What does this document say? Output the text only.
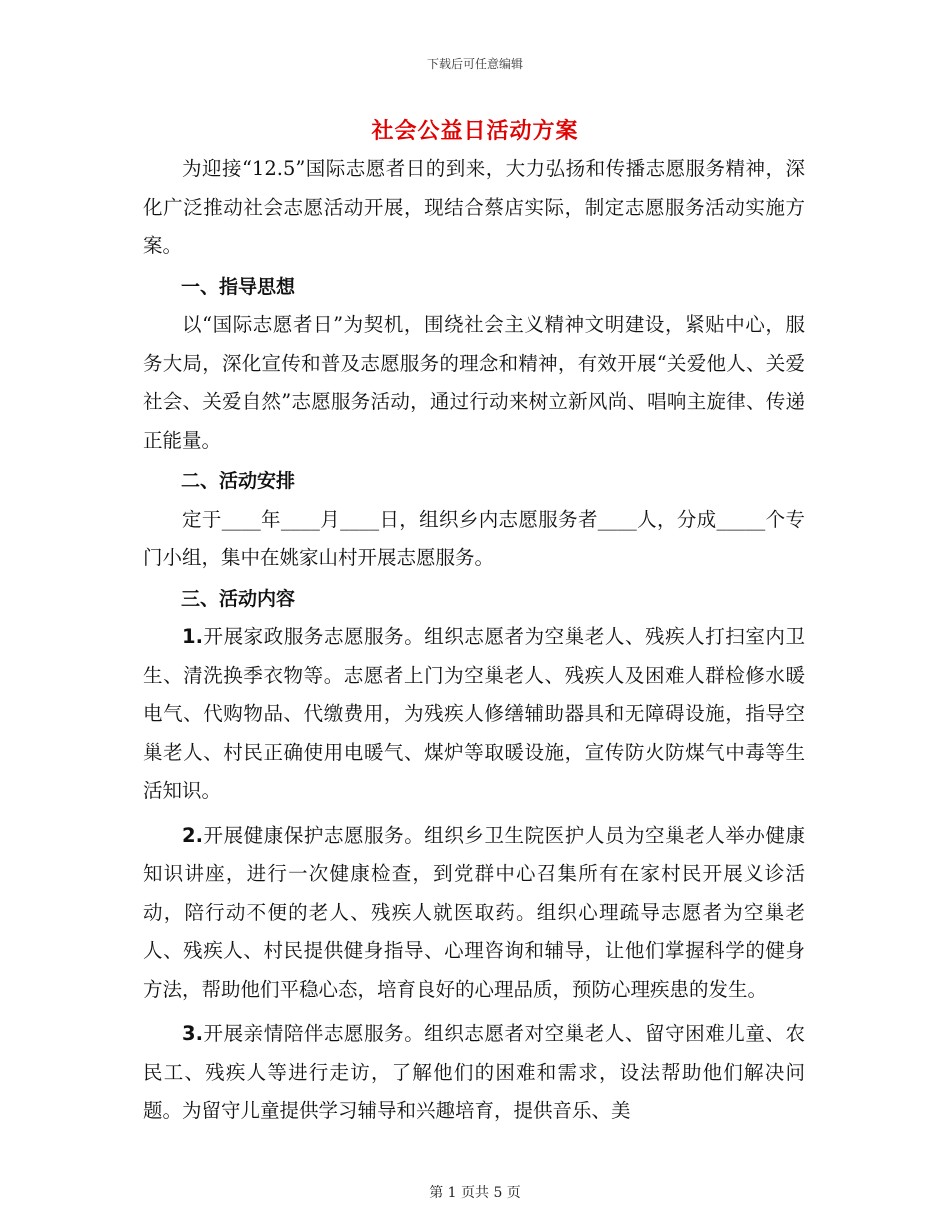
下载后可任意编辑
社会公益日活动方案

为迎接“12.5”国际志愿者日的到来，大力弘扬和传播志愿服务精神，深化广泛推动社会志愿活动开展，现结合蔡店实际，制定志愿服务活动实施方案。

一、指导思想

以“国际志愿者日”为契机，围绕社会主义精神文明建设，紧贴中心，服务大局，深化宣传和普及志愿服务的理念和精神，有效开展“关爱他人、关爱社会、关爱自然”志愿服务活动，通过行动来树立新风尚、唱响主旋律、传递正能量。

二、活动安排

定于____年____月____日，组织乡内志愿服务者____人，分成_____个专门小组，集中在姚家山村开展志愿服务。

三、活动内容

1.开展家政服务志愿服务。组织志愿者为空巢老人、残疾人打扫室内卫生、清洗换季衣物等。志愿者上门为空巢老人、残疾人及困难人群检修水暖电气、代购物品、代缴费用，为残疾人修缮辅助器具和无障碍设施，指导空巢老人、村民正确使用电暖气、煤炉等取暖设施，宣传防火防煤气中毒等生活知识。

2.开展健康保护志愿服务。组织乡卫生院医护人员为空巢老人举办健康知识讲座，进行一次健康检查，到党群中心召集所有在家村民开展义诊活动，陪行动不便的老人、残疾人就医取药。组织心理疏导志愿者为空巢老人、残疾人、村民提供健身指导、心理咨询和辅导，让他们掌握科学的健身方法，帮助他们平稳心态，培育良好的心理品质，预防心理疾患的发生。

3.开展亲情陪伴志愿服务。组织志愿者对空巢老人、留守困难儿童、农民工、残疾人等进行走访，了解他们的困难和需求，设法帮助他们解决问题。为留守儿童提供学习辅导和兴趣培育，提供音乐、美

第 1 页共 5 页
